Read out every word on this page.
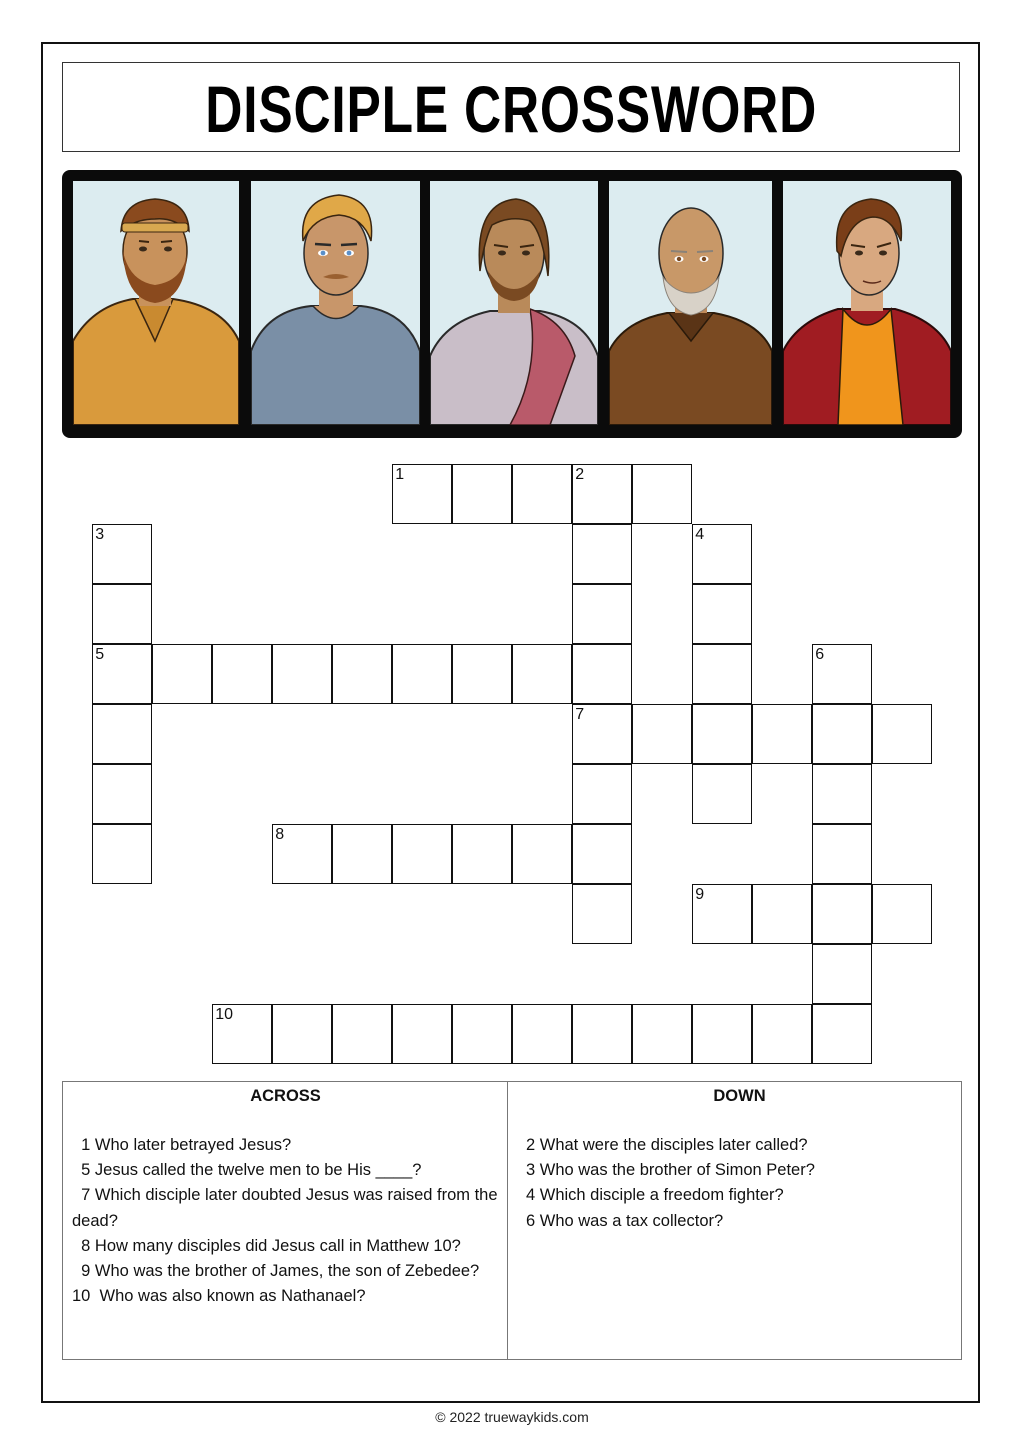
DISCIPLE CROSSWORD
1	2
3	4
5	6
7
8
9
10
ACROSS
1 Who later betrayed Jesus?
5 Jesus called the twelve men to be His ____?
7 Which disciple later doubted Jesus was raised from the dead?
8 How many disciples did Jesus call in Matthew 10?
9 Who was the brother of James, the son of Zebedee?
10  Who was also known as Nathanael?
DOWN
2 What were the disciples later called?
3 Who was the brother of Simon Peter?
4 Which disciple a freedom fighter?
6 Who was a tax collector?
© 2022 truewaykids.com
